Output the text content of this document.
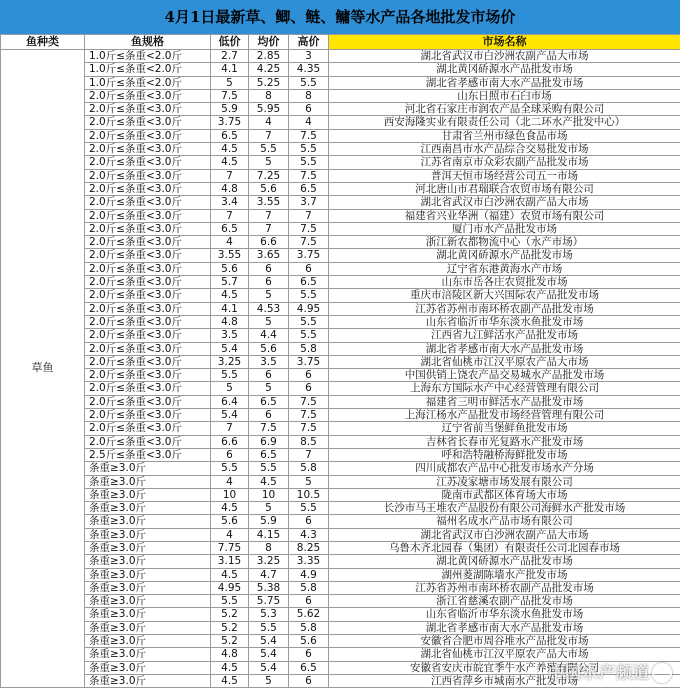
4月1日最新草、鲫、鲢、鳙等水产品各地批发市场价
鱼种类	鱼规格	低价	均价	高价	市场名称
草鱼	1.0斤≤条重<2.0斤	2.7	2.85	3	湖北省武汉市白沙洲农副产品大市场
	1.0斤≤条重<2.0斤	4.1	4.25	4.35	湖北黄冈硚源水产品批发市场
	1.0斤≤条重<2.0斤	5	5.25	5.5	湖北省孝感市南大水产品批发市场
	2.0斤≤条重<3.0斤	7.5	8	8	山东日照市石臼市场
	2.0斤≤条重<3.0斤	5.9	5.95	6	河北省石家庄市润农产品全球采购有限公司
	2.0斤≤条重<3.0斤	3.75	4	4	西安海隆实业有限责任公司（北二环水产批发中心）
	2.0斤≤条重<3.0斤	6.5	7	7.5	甘肃省兰州市绿色食品市场
	2.0斤≤条重<3.0斤	4.5	5.5	5.5	江西南昌市水产品综合交易批发市场
	2.0斤≤条重<3.0斤	4.5	5	5.5	江苏省南京市众彩农副产品批发市场
	2.0斤≤条重<3.0斤	7	7.25	7.5	普洱天恒市场经营公司五一市场
	2.0斤≤条重<3.0斤	4.8	5.6	6.5	河北唐山市君瑞联合农贸市场有限公司
	2.0斤≤条重<3.0斤	3.4	3.55	3.7	湖北省武汉市白沙洲农副产品大市场
	2.0斤≤条重<3.0斤	7	7	7	福建省兴业华洲（福建）农贸市场有限公司
	2.0斤≤条重<3.0斤	6.5	7	7.5	厦门市水产品批发市场
	2.0斤≤条重<3.0斤	4	6.6	7.5	浙江新农都物流中心（水产市场）
	2.0斤≤条重<3.0斤	3.55	3.65	3.75	湖北黄冈硚源水产品批发市场
	2.0斤≤条重<3.0斤	5.6	6	6	辽宁省东港黄海水产市场
	2.0斤≤条重<3.0斤	5.7	6	6.5	山东市岳各庄农贸批发市场
	2.0斤≤条重<3.0斤	4.5	5	5.5	重庆市涪陵区新大兴国际农产品批发市场
	2.0斤≤条重<3.0斤	4.1	4.53	4.95	江苏省苏州市南环桥农副产品批发市场
	2.0斤≤条重<3.0斤	4.8	5	5.5	山东省临沂市华东淡水鱼批发市场
	2.0斤≤条重<3.0斤	3.5	4.4	5.5	江西省九江鲜活水产品批发市场
	2.0斤≤条重<3.0斤	5.4	5.6	5.8	湖北省孝感市南大水产品批发市场
	2.0斤≤条重<3.0斤	3.25	3.5	3.75	湖北省仙桃市江汉平原农产品大市场
	2.0斤≤条重<3.0斤	5.5	6	6	中国供销上饶农产品交易城水产品批发市场
	2.0斤≤条重<3.0斤	5	5	6	上海东方国际水产中心经营管理有限公司
	2.0斤≤条重<3.0斤	6.4	6.5	7.5	福建省三明市鲜活水产品批发市场
	2.0斤≤条重<3.0斤	5.4	6	7.5	上海江杨水产品批发市场经营管理有限公司
	2.0斤≤条重<3.0斤	7	7.5	7.5	辽宁省前当堡鲜鱼批发市场
	2.0斤≤条重<3.0斤	6.6	6.9	8.5	吉林省长春市光复路水产批发市场
	2.5斤≤条重<3.0斤	6	6.5	7	呼和浩特融桥海鲜批发市场
	条重≥3.0斤	5.5	5.5	5.8	四川成都农产品中心批发市场水产分场
	条重≥3.0斤	4	4.5	5	江苏凌家塘市场发展有限公司
	条重≥3.0斤	10	10	10.5	陇南市武都区体育场大市场
	条重≥3.0斤	4.5	5	5.5	长沙市马王堆农产品股份有限公司海鲜水产批发市场
	条重≥3.0斤	5.6	5.9	6	福州名成水产品市场有限公司
	条重≥3.0斤	4	4.15	4.3	湖北省武汉市白沙洲农副产品大市场
	条重≥3.0斤	7.75	8	8.25	乌鲁木齐北园春（集团）有限责任公司北园春市场
	条重≥3.0斤	3.15	3.25	3.35	湖北黄冈硚源水产品批发市场
	条重≥3.0斤	4.5	4.7	4.9	湖州菱湖陈墙水产批发市场
	条重≥3.0斤	4.95	5.38	5.8	江苏省苏州市南环桥农副产品批发市场
	条重≥3.0斤	5.5	5.75	6	浙江省慈溪农副产品批发市场
	条重≥3.0斤	5.2	5.3	5.62	山东省临沂市华东淡水鱼批发市场
	条重≥3.0斤	5.2	5.5	5.8	湖北省孝感市南大水产品批发市场
	条重≥3.0斤	5.2	5.4	5.6	安徽省合肥市周谷堆水产品批发市场
	条重≥3.0斤	4.8	5.4	6	湖北省仙桃市江汉平原农产品大市场
	条重≥3.0斤	4.5	5.4	6.5	安徽省安庆市皖宜季牛水产养殖有限公司
	条重≥3.0斤	4.5	5	6	江西省萍乡市城南水产批发市场
中国水产频道
